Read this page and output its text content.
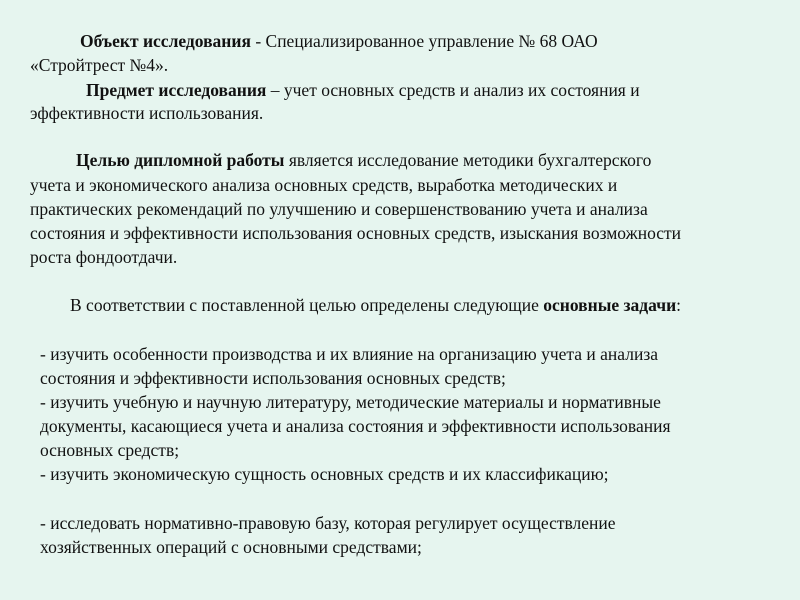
Объект исследования - Специализированное управление № 68 ОАО
«Стройтрест №4».
Предмет исследования – учет основных средств и анализ их состояния и
эффективности использования.
Целью дипломной работы является исследование методики бухгалтерского
учета и экономического анализа основных средств, выработка методических и
практических рекомендаций по улучшению и совершенствованию учета и анализа
состояния и эффективности использования основных средств, изыскания возможности
роста фондоотдачи.
В соответствии с поставленной целью определены следующие основные задачи:
- изучить особенности производства и их влияние на организацию учета и анализа
состояния и эффективности использования основных средств;
- изучить учебную и научную литературу, методические материалы и нормативные
документы, касающиеся учета и анализа состояния и эффективности использования
основных средств;
- изучить экономическую сущность основных средств и их классификацию;
- исследовать нормативно-правовую базу, которая регулирует осуществление
хозяйственных операций с основными средствами;
